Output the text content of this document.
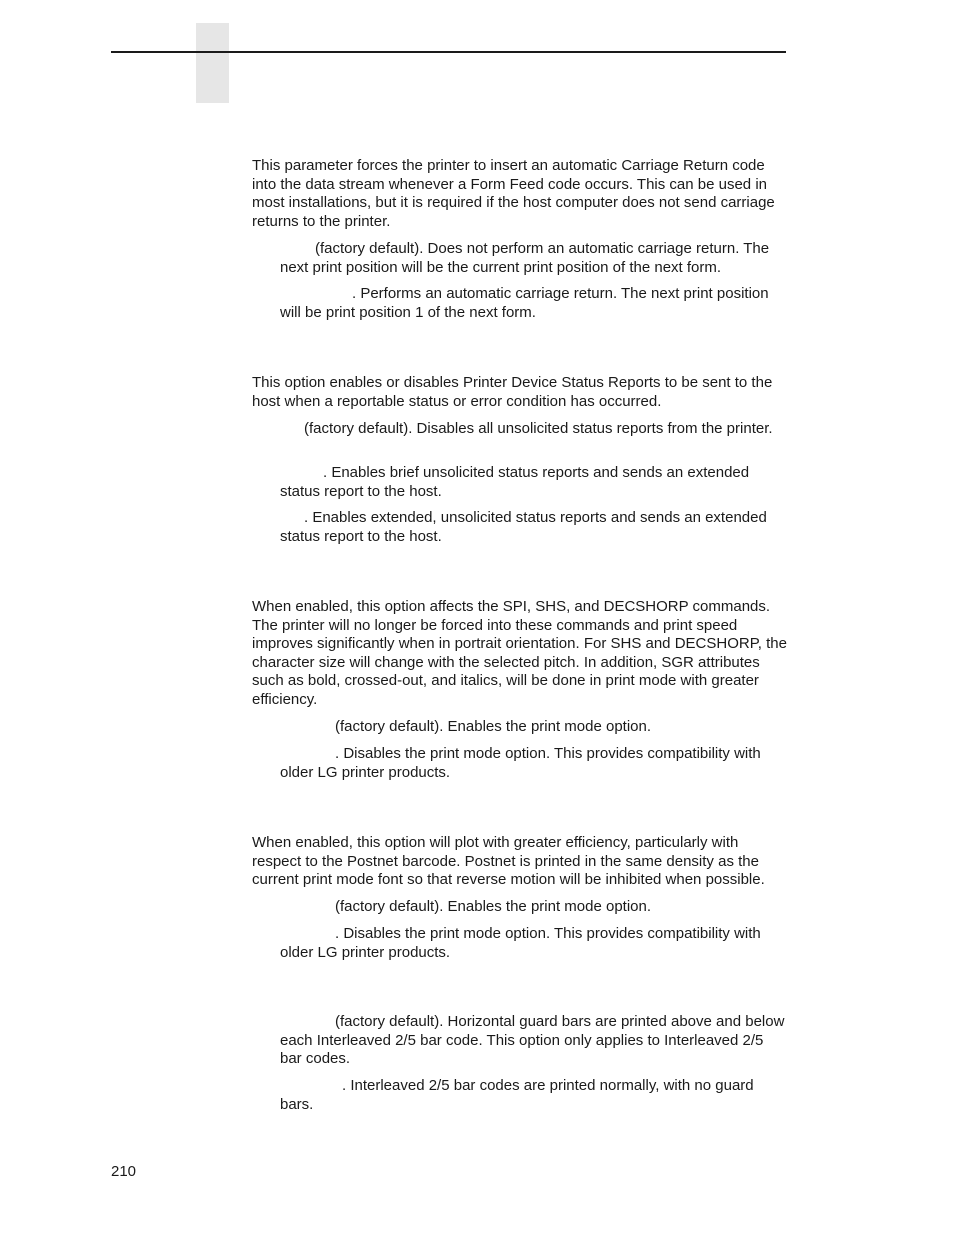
This parameter forces the printer to insert an automatic Carriage Return code into the data stream whenever a Form Feed code occurs. This can be used in most installations, but it is required if the host computer does not send carriage returns to the printer.

(factory default). Does not perform an automatic carriage return. The next print position will be the current print position of the next form.

. Performs an automatic carriage return. The next print position will be print position 1 of the next form.

This option enables or disables Printer Device Status Reports to be sent to the host when a reportable status or error condition has occurred.

(factory default). Disables all unsolicited status reports from the printer.

. Enables brief unsolicited status reports and sends an extended status report to the host.

. Enables extended, unsolicited status reports and sends an extended status report to the host.

When enabled, this option affects the SPI, SHS, and DECSHORP commands. The printer will no longer be forced into these commands and print speed improves significantly when in portrait orientation. For SHS and DECSHORP, the character size will change with the selected pitch. In addition, SGR attributes such as bold, crossed-out, and italics, will be done in print mode with greater efficiency.

(factory default). Enables the print mode option.

. Disables the print mode option. This provides compatibility with older LG printer products.

When enabled, this option will plot with greater efficiency, particularly with respect to the Postnet barcode. Postnet is printed in the same density as the current print mode font so that reverse motion will be inhibited when possible.

(factory default). Enables the print mode option.

. Disables the print mode option. This provides compatibility with older LG printer products.

(factory default). Horizontal guard bars are printed above and below each Interleaved 2/5 bar code. This option only applies to Interleaved 2/5 bar codes.

. Interleaved 2/5 bar codes are printed normally, with no guard bars.

210
